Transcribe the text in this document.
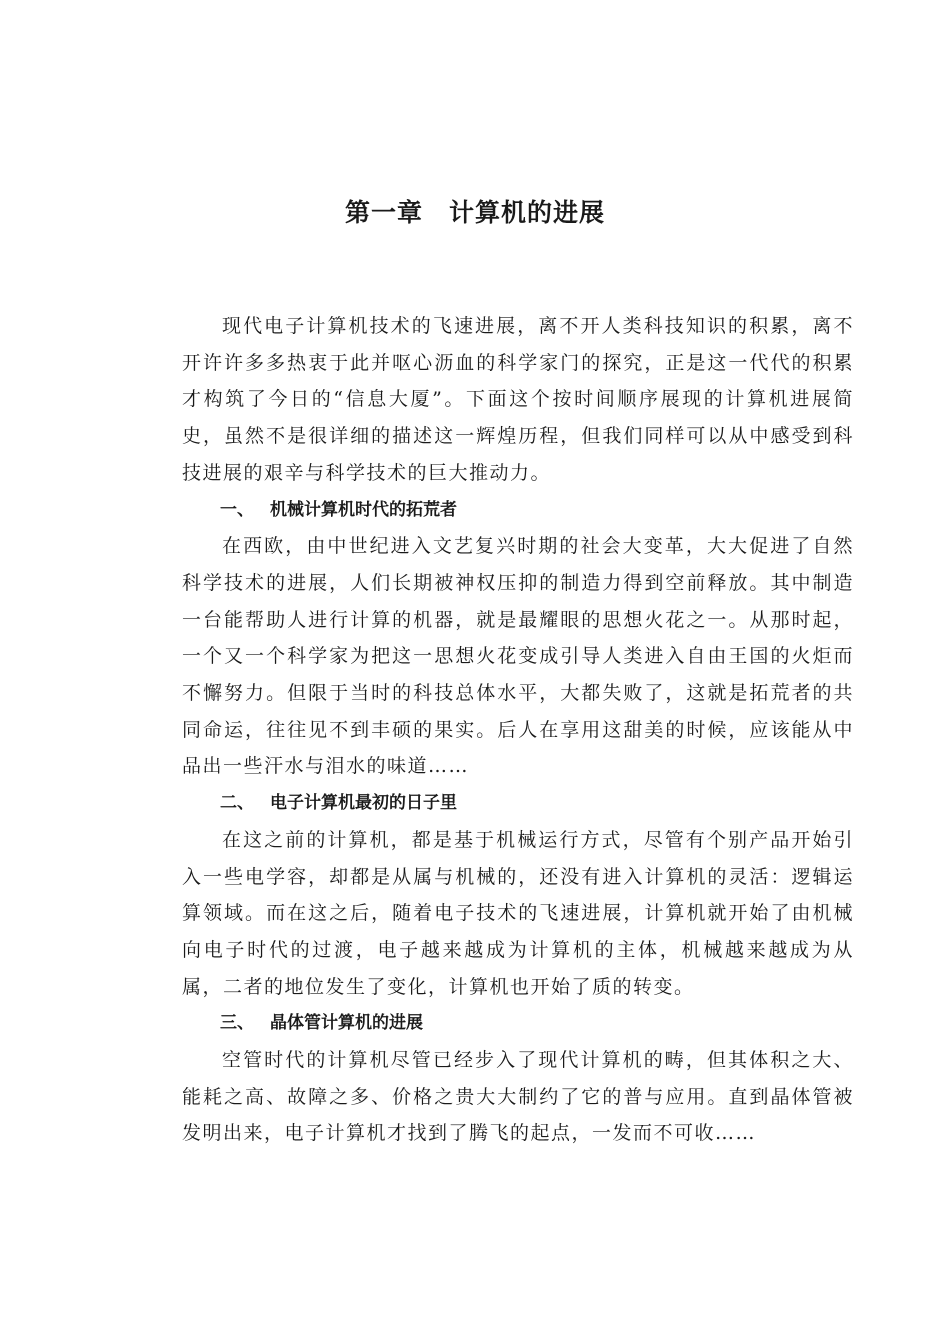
第一章 计算机的进展

现代电子计算机技术的飞速进展，离不开人类科技知识的积累，离不开许许多多热衷于此并呕心沥血的科学家门的探究，正是这一代代的积累才构筑了今日的“信息大厦”。下面这个按时间顺序展现的计算机进展简史，虽然不是很详细的描述这一辉煌历程，但我们同样可以从中感受到科技进展的艰辛与科学技术的巨大推动力。

一、 机械计算机时代的拓荒者

在西欧，由中世纪进入文艺复兴时期的社会大变革，大大促进了自然科学技术的进展，人们长期被神权压抑的制造力得到空前释放。其中制造一台能帮助人进行计算的机器，就是最耀眼的思想火花之一。从那时起，一个又一个科学家为把这一思想火花变成引导人类进入自由王国的火炬而不懈努力。但限于当时的科技总体水平，大都失败了，这就是拓荒者的共同命运，往往见不到丰硕的果实。后人在享用这甜美的时候，应该能从中品出一些汗水与泪水的味道……

二、 电子计算机最初的日子里

在这之前的计算机，都是基于机械运行方式，尽管有个别产品开始引入一些电学容，却都是从属与机械的，还没有进入计算机的灵活：逻辑运算领域。而在这之后，随着电子技术的飞速进展，计算机就开始了由机械向电子时代的过渡，电子越来越成为计算机的主体，机械越来越成为从属，二者的地位发生了变化，计算机也开始了质的转变。

三、 晶体管计算机的进展

空管时代的计算机尽管已经步入了现代计算机的畴，但其体积之大、能耗之高、故障之多、价格之贵大大制约了它的普与应用。直到晶体管被发明出来，电子计算机才找到了腾飞的起点，一发而不可收……
